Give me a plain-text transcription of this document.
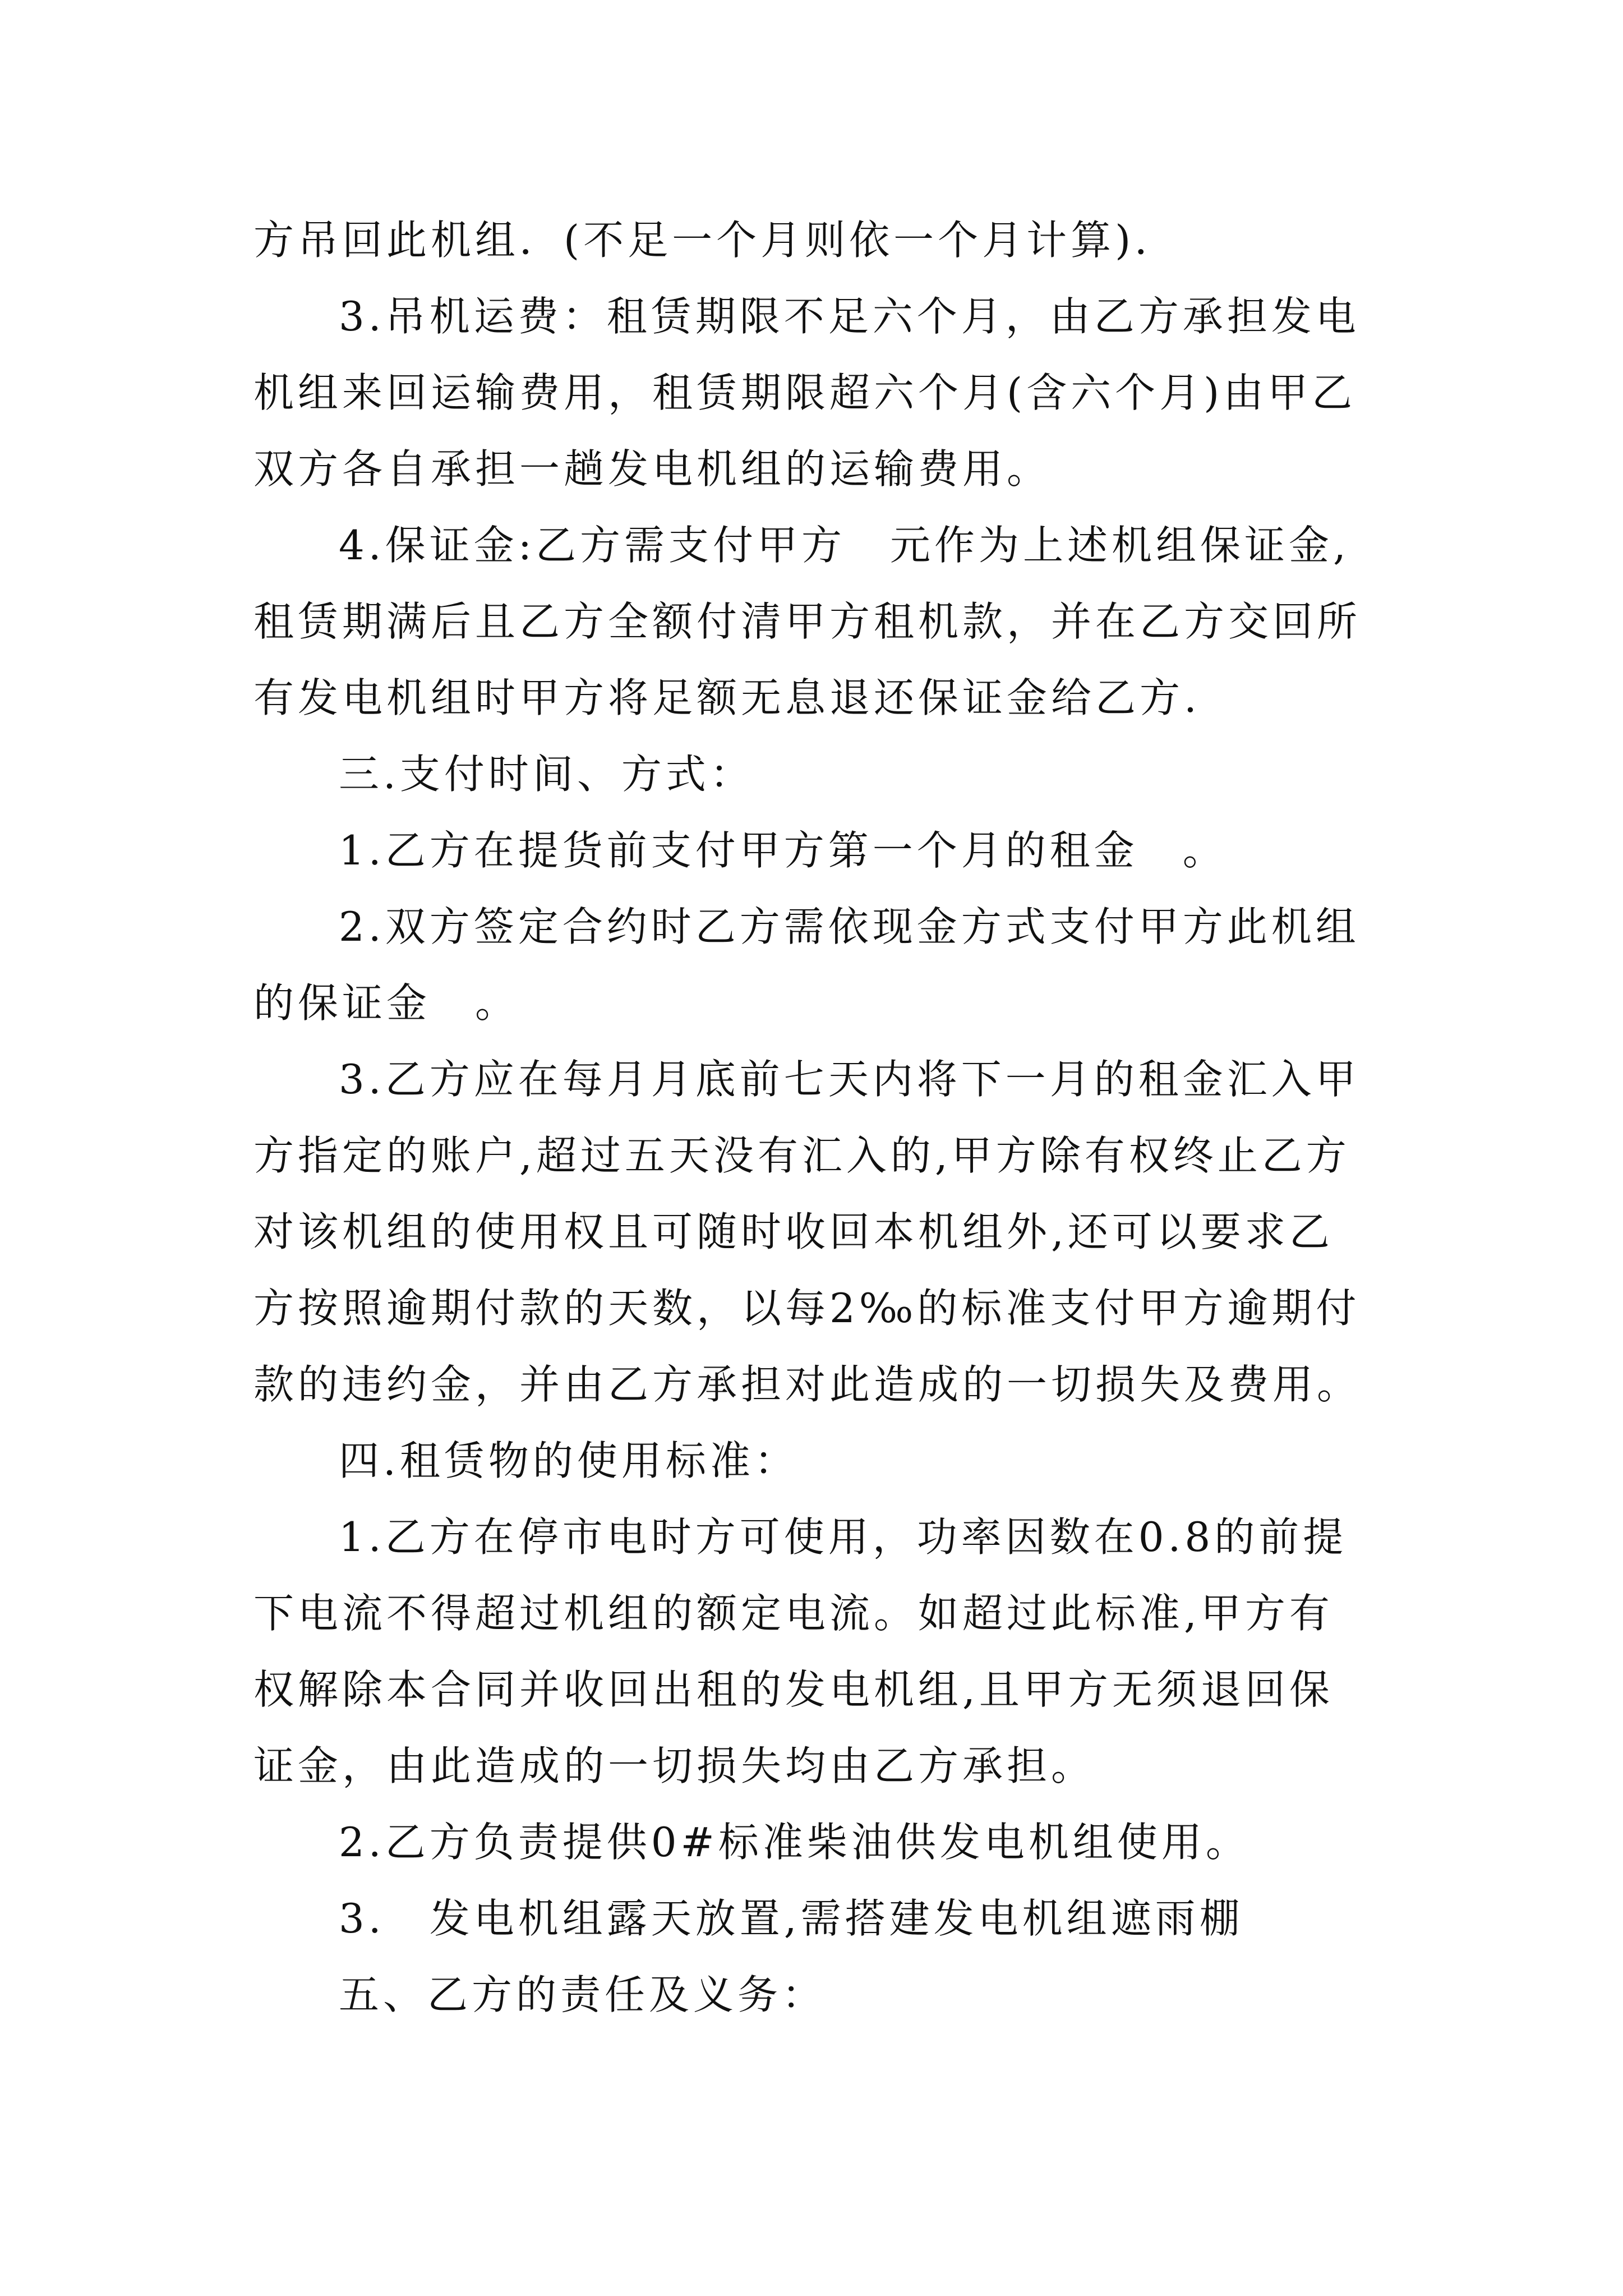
方吊回此机组．(不足一个月则依一个月计算)．

3.吊机运费：租赁期限不足六个月，由乙方承担发电机组来回运输费用，租赁期限超六个月(含六个月)由甲乙双方各自承担一趟发电机组的运输费用。

4.保证金:乙方需支付甲方　元作为上述机组保证金,租赁期满后且乙方全额付清甲方租机款，并在乙方交回所有发电机组时甲方将足额无息退还保证金给乙方.

三.支付时间、方式：

1.乙方在提货前支付甲方第一个月的租金　。

2.双方签定合约时乙方需依现金方式支付甲方此机组的保证金　。

3.乙方应在每月月底前七天内将下一月的租金汇入甲方指定的账户,超过五天没有汇入的,甲方除有权终止乙方对该机组的使用权且可随时收回本机组外,还可以要求乙方按照逾期付款的天数，以每2‰的标准支付甲方逾期付款的违约金，并由乙方承担对此造成的一切损失及费用。

四.租赁物的使用标准：

1.乙方在停市电时方可使用，功率因数在0.8的前提下电流不得超过机组的额定电流。如超过此标准,甲方有权解除本合同并收回出租的发电机组,且甲方无须退回保证金，由此造成的一切损失均由乙方承担。

2.乙方负责提供0#标准柴油供发电机组使用。

3.　发电机组露天放置,需搭建发电机组遮雨棚

五、乙方的责任及义务：
